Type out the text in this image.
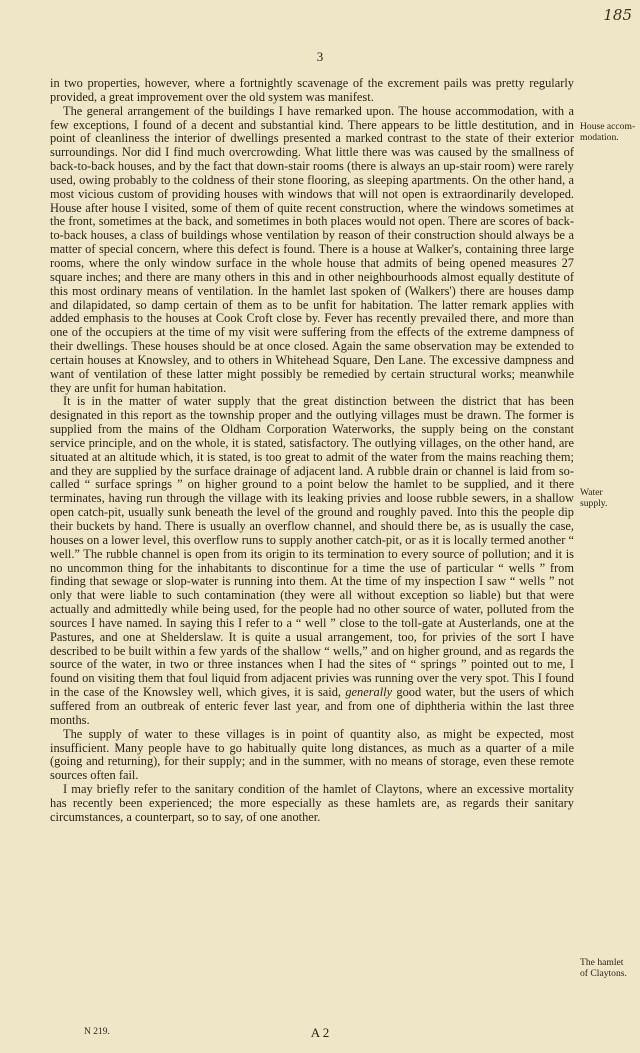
185
3

in two properties, however, where a fortnightly scavenage of the excrement pails was pretty regularly provided, a great improvement over the old system was manifest.

The general arrangement of the buildings I have remarked upon. The house accommodation, with a few exceptions, I found of a decent and substantial kind. There appears to be little destitution, and in point of cleanliness the interior of dwellings presented a marked contrast to the state of their exterior surroundings. Nor did I find much overcrowding. What little there was was caused by the smallness of back-to-back houses, and by the fact that down-stair rooms (there is always an up-stair room) were rarely used, owing probably to the coldness of their stone flooring, as sleeping apartments. On the other hand, a most vicious custom of providing houses with windows that will not open is extraordinarily developed. House after house I visited, some of them of quite recent construction, where the windows sometimes at the front, sometimes at the back, and sometimes in both places would not open. There are scores of back-to-back houses, a class of buildings whose ventilation by reason of their construction should always be a matter of special concern, where this defect is found. There is a house at Walker's, containing three large rooms, where the only window surface in the whole house that admits of being opened measures 27 square inches; and there are many others in this and in other neighbourhoods almost equally destitute of this most ordinary means of ventilation. In the hamlet last spoken of (Walkers') there are houses damp and dilapidated, so damp certain of them as to be unfit for habitation. The latter remark applies with added emphasis to the houses at Cook Croft close by. Fever has recently prevailed there, and more than one of the occupiers at the time of my visit were suffering from the effects of the extreme dampness of their dwellings. These houses should be at once closed. Again the same observation may be extended to certain houses at Knowsley, and to others in Whitehead Square, Den Lane. The excessive dampness and want of ventilation of these latter might possibly be remedied by certain structural works; meanwhile they are unfit for human habitation.

It is in the matter of water supply that the great distinction between the district that has been designated in this report as the township proper and the outlying villages must be drawn. The former is supplied from the mains of the Oldham Corporation Waterworks, the supply being on the constant service principle, and on the whole, it is stated, satisfactory. The outlying villages, on the other hand, are situated at an altitude which, it is stated, is too great to admit of the water from the mains reaching them; and they are supplied by the surface drainage of adjacent land. A rubble drain or channel is laid from so-called “ surface springs ” on higher ground to a point below the hamlet to be supplied, and it there terminates, having run through the village with its leaking privies and loose rubble sewers, in a shallow open catch-pit, usually sunk beneath the level of the ground and roughly paved. Into this the people dip their buckets by hand. There is usually an overflow channel, and should there be, as is usually the case, houses on a lower level, this overflow runs to supply another catch-pit, or as it is locally termed another “ well.” The rubble channel is open from its origin to its termination to every source of pollution; and it is no uncommon thing for the inhabitants to discontinue for a time the use of particular “ wells ” from finding that sewage or slop-water is running into them. At the time of my inspection I saw “ wells ” not only that were liable to such contamination (they were all without exception so liable) but that were actually and admittedly while being used, for the people had no other source of water, polluted from the sources I have named. In saying this I refer to a “ well ” close to the toll-gate at Austerlands, one at the Pastures, and one at Shelderslaw. It is quite a usual arrangement, too, for privies of the sort I have described to be built within a few yards of the shallow “ wells,” and on higher ground, and as regards the source of the water, in two or three instances when I had the sites of “ springs ” pointed out to me, I found on visiting them that foul liquid from adjacent privies was running over the very spot. This I found in the case of the Knowsley well, which gives, it is said, generally good water, but the users of which suffered from an outbreak of enteric fever last year, and from one of diphtheria within the last three months.

The supply of water to these villages is in point of quantity also, as might be expected, most insufficient. Many people have to go habitually quite long distances, as much as a quarter of a mile (going and returning), for their supply; and in the summer, with no means of storage, even these remote sources often fail.

I may briefly refer to the sanitary condition of the hamlet of Claytons, where an excessive mortality has recently been experienced; the more especially as these hamlets are, as regards their sanitary circumstances, a counterpart, so to say, of one another.

House accom-
modation.
Water
supply.
The hamlet
of Claytons.
N 219.	A 2
